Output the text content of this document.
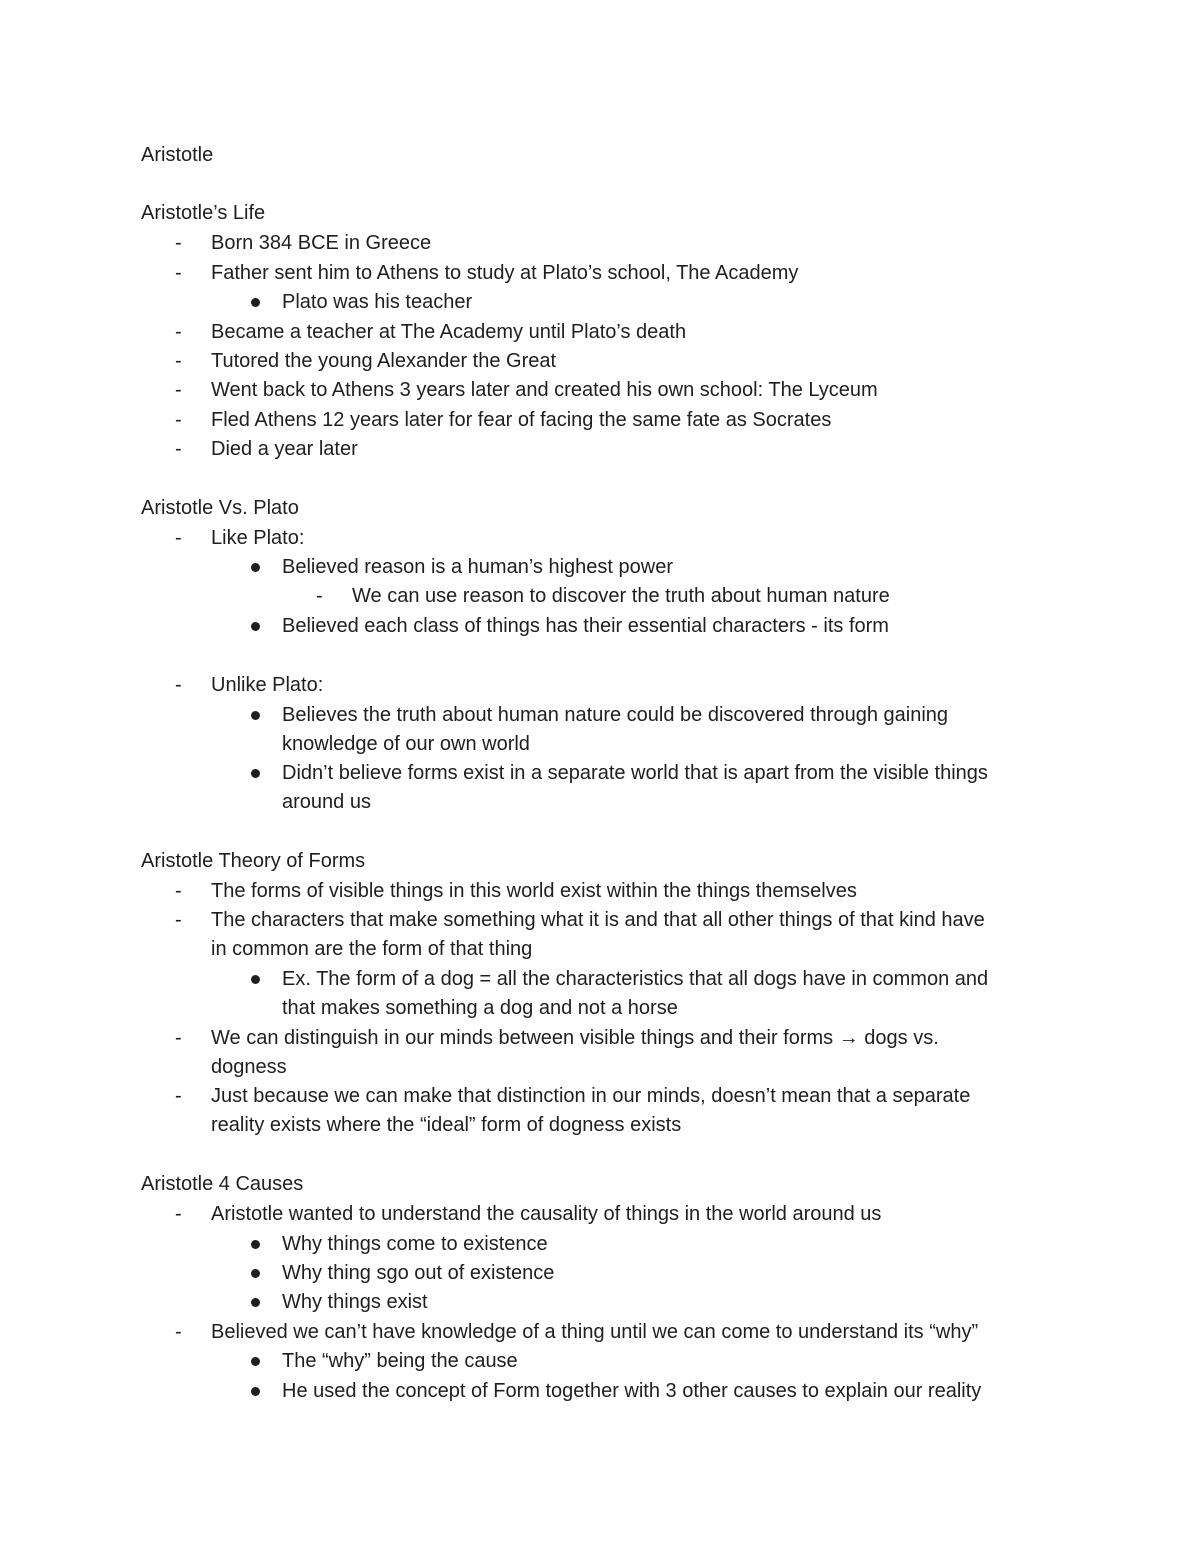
Aristotle
Aristotle’s Life
- Born 384 BCE in Greece
- Father sent him to Athens to study at Plato’s school, The Academy
Plato was his teacher
- Became a teacher at The Academy until Plato’s death
- Tutored the young Alexander the Great
- Went back to Athens 3 years later and created his own school: The Lyceum
- Fled Athens 12 years later for fear of facing the same fate as Socrates
- Died a year later
Aristotle Vs. Plato
- Like Plato:
Believed reason is a human’s highest power
- We can use reason to discover the truth about human nature
Believed each class of things has their essential characters - its form
- Unlike Plato:
Believes the truth about human nature could be discovered through gaining
knowledge of our own world
Didn’t believe forms exist in a separate world that is apart from the visible things
around us
Aristotle Theory of Forms
- The forms of visible things in this world exist within the things themselves
- The characters that make something what it is and that all other things of that kind have
in common are the form of that thing
Ex. The form of a dog = all the characteristics that all dogs have in common and
that makes something a dog and not a horse
- We can distinguish in our minds between visible things and their forms → dogs vs.
dogness
- Just because we can make that distinction in our minds, doesn’t mean that a separate
reality exists where the “ideal” form of dogness exists
Aristotle 4 Causes
- Aristotle wanted to understand the causality of things in the world around us
Why things come to existence
Why thing sgo out of existence
Why things exist
- Believed we can’t have knowledge of a thing until we can come to understand its “why”
The “why” being the cause
He used the concept of Form together with 3 other causes to explain our reality
